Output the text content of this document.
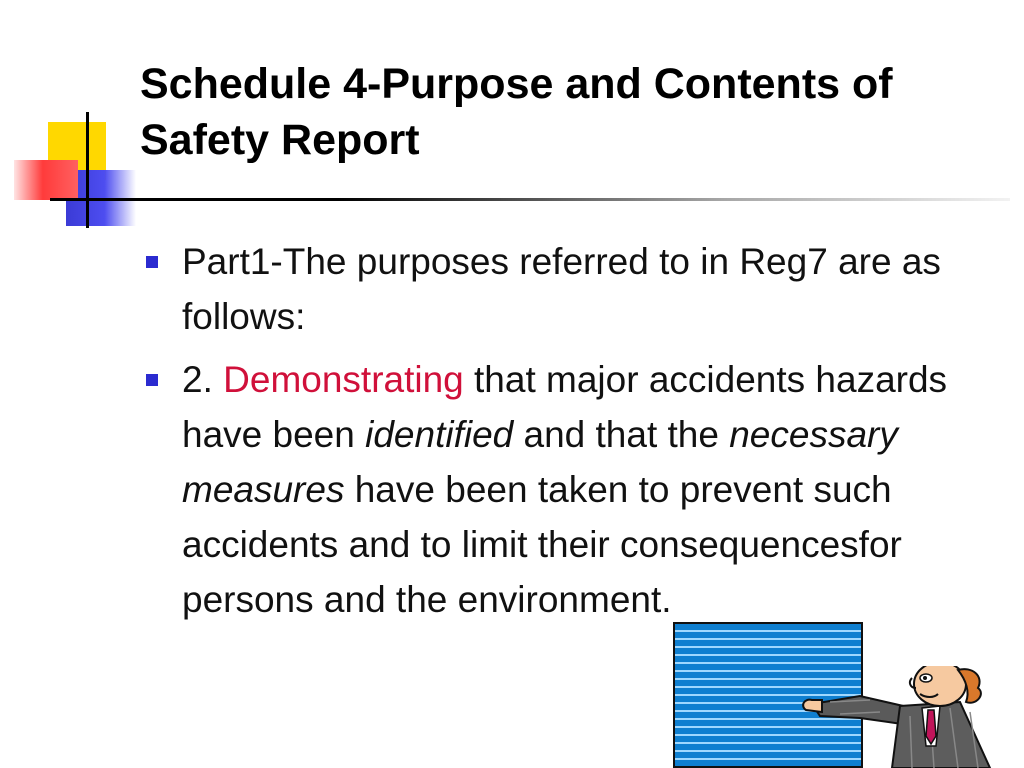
Schedule 4-Purpose and Contents of Safety Report
Part1-The purposes referred to in Reg7 are as follows:
2. Demonstrating that major accidents hazards have been identified and that the necessary measures have been taken to prevent such accidents and to limit their consequencesfor persons and the environment.
